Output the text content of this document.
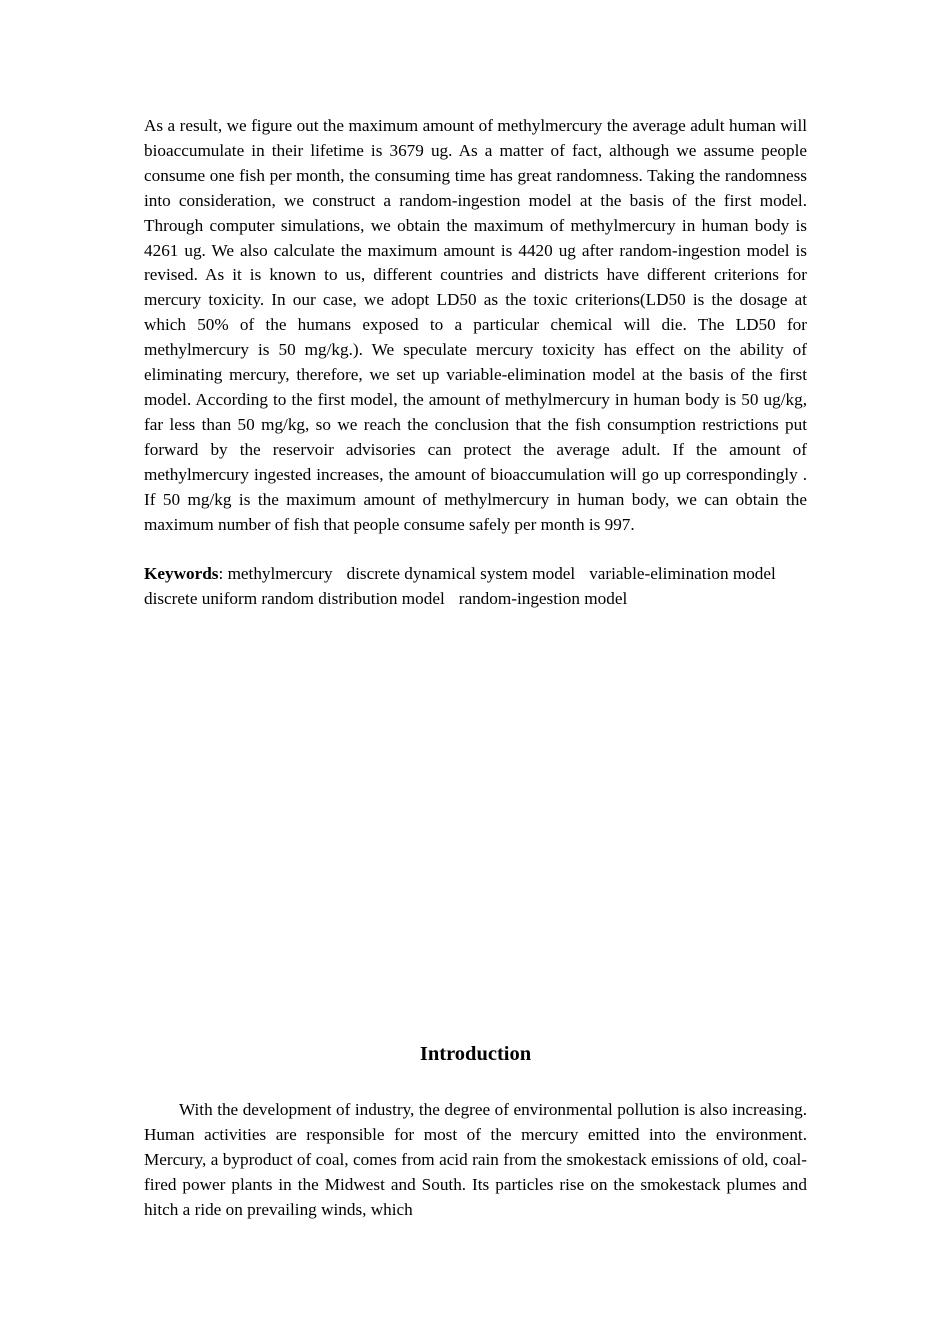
As a result, we figure out the maximum amount of methylmercury the average adult human will bioaccumulate in their lifetime is 3679 ug. As a matter of fact, although we assume people consume one fish per month, the consuming time has great randomness. Taking the randomness into consideration, we construct a random-ingestion model at the basis of the first model. Through computer simulations, we obtain the maximum of methylmercury in human body is 4261 ug. We also calculate the maximum amount is 4420 ug after random-ingestion model is revised. As it is known to us, different countries and districts have different criterions for mercury toxicity. In our case, we adopt LD50 as the toxic criterions(LD50 is the dosage at which 50% of the humans exposed to a particular chemical will die. The LD50 for methylmercury is 50 mg/kg.). We speculate mercury toxicity has effect on the ability of eliminating mercury, therefore, we set up variable-elimination model at the basis of the first model. According to the first model, the amount of methylmercury in human body is 50 ug/kg, far less than 50 mg/kg, so we reach the conclusion that the fish consumption restrictions put forward by the reservoir advisories can protect the average adult. If the amount of methylmercury ingested increases, the amount of bioaccumulation will go up correspondingly . If 50 mg/kg is the maximum amount of methylmercury in human body, we can obtain the maximum number of fish that people consume safely per month is 997.

Keywords: methylmercury discrete dynamical system model variable-elimination model
discrete uniform random distribution model random-ingestion model

Introduction

With the development of industry, the degree of environmental pollution is also increasing. Human activities are responsible for most of the mercury emitted into the environment. Mercury, a byproduct of coal, comes from acid rain from the smokestack emissions of old, coal-fired power plants in the Midwest and South. Its particles rise on the smokestack plumes and hitch a ride on prevailing winds, which
